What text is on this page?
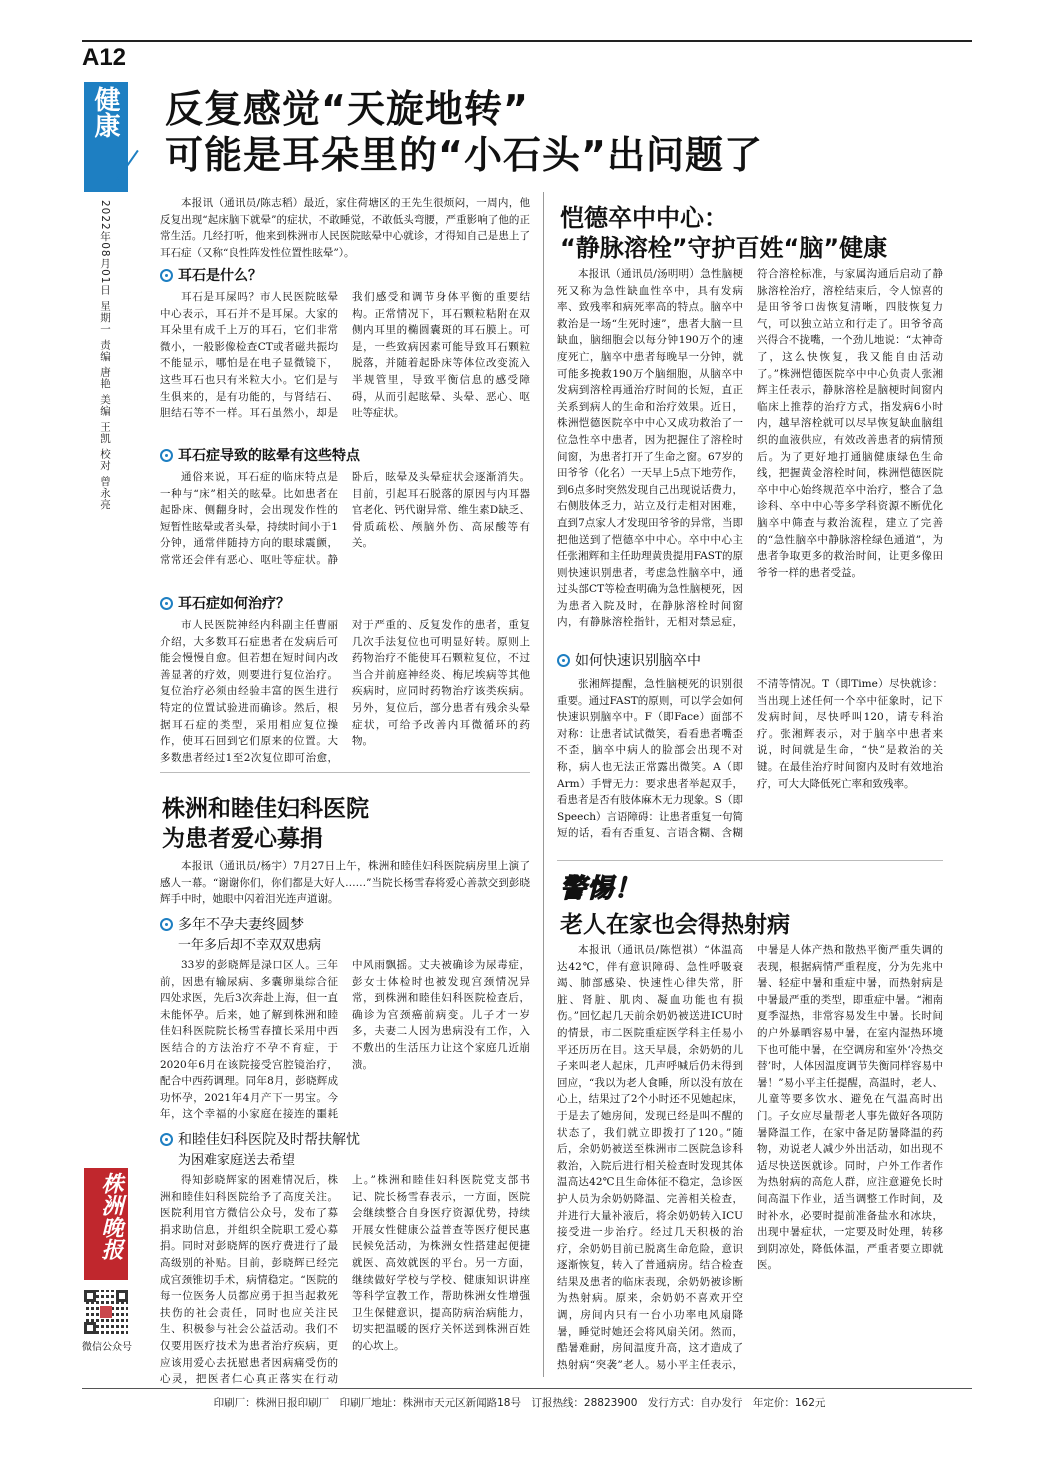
A12
健康
2022年08月01日 星期一 责编 唐艳 美编 王凯 校对 曾永亮
株洲晚报
微信公众号
反复感觉“天旋地转”
可能是耳朵里的“小石头”出问题了

本报讯（通讯员/陈志稻）最近，家住荷塘区的王先生很烦闷，一周内，他反复出现“起床脑下就晕”的症状，不敢睡觉，不敢低头弯腰，严重影响了他的正常生活。几经打听，他来到株洲市人民医院眩晕中心就诊，才得知自己是患上了耳石症（又称“良性阵发性位置性眩晕”）。

耳石是什么？

耳石是耳屎吗？市人民医院眩晕中心表示，耳石并不是耳屎。大家的耳朵里有成千上万的耳石，它们非常微小，一般影像检查CT或者磁共振均不能显示，哪怕是在电子显微镜下，这些耳石也只有米粒大小。它们是与生俱来的，是有功能的，与肾结石、胆结石等不一样。耳石虽然小，却是我们感受和调节身体平衡的重要结构。正常情况下，耳石颗粒粘附在双侧内耳里的椭圆囊斑的耳石膜上。可是，一些致病因素可能导致耳石颗粒脱落，并随着起卧床等体位改变流入半规管里，导致平衡信息的感受障碍，从而引起眩晕、头晕、恶心、呕吐等症状。

耳石症导致的眩晕有这些特点

通俗来说，耳石症的临床特点是一种与“床”相关的眩晕。比如患者在起卧床、侧翻身时，会出现发作性的短暂性眩晕或者头晕，持续时间小于1分钟，通常伴随持方向的眼球震颤，常常还会伴有恶心、呕吐等症状。静卧后，眩晕及头晕症状会逐渐消失。目前，引起耳石脱落的原因与内耳器官老化、钙代谢异常、维生素D缺乏、骨质疏松、颅脑外伤、高尿酸等有关。

耳石症如何治疗？

市人民医院神经内科副主任曹丽介绍，大多数耳石症患者在发病后可能会慢慢自愈。但若想在短时间内改善显著的疗效，则要进行复位治疗。复位治疗必须由经验丰富的医生进行特定的位置试验进而确诊。然后，根据耳石症的类型，采用相应复位操作，使耳石回到它们原来的位置。大多数患者经过1至2次复位即可治愈，对于严重的、反复发作的患者，重复几次手法复位也可明显好转。原则上药物治疗不能使耳石颗粒复位，不过当合并前庭神经炎、梅尼埃病等其他疾病时，应同时药物治疗该类疾病。另外，复位后，部分患者有残余头晕症状，可给予改善内耳微循环的药物。

恺德卒中中心：
“静脉溶栓”守护百姓“脑”健康

本报讯（通讯员/汤明明）急性脑梗死又称为急性缺血性卒中，具有发病率、致残率和病死率高的特点。脑卒中救治是一场“生死时速”，患者大脑一旦缺血，脑细胞会以每分钟190万个的速度死亡，脑卒中患者每晚早一分钟，就可能多挽救190万个脑细胞，从脑卒中发病到溶栓再通治疗时间的长短，直正关系到病人的生命和治疗效果。近日，株洲恺德医院卒中中心又成功救治了一位急性卒中患者，因为把握住了溶栓时间窗，为患者打开了生命之窗。67岁的田爷爷（化名）一天早上5点下地劳作，到6点多时突然发现自己出现说话费力，右侧肢体乏力，站立及行走相对困难，直到7点家人才发现田爷爷的异常，当即把他送到了恺德卒中中心。卒中中心主任张湘辉和主任助理黄贵提用FAST的原则快速识别患者，考虑急性脑卒中，通过头部CT等检查明确为急性脑梗死，因为患者入院及时，在静脉溶栓时间窗内，有静脉溶栓指针，无相对禁忌症，符合溶栓标准，与家属沟通后启动了静脉溶栓治疗，溶栓结束后，令人惊喜的是田爷爷口齿恢复清晰，四肢恢复力气，可以独立站立和行走了。田爷爷高兴得合不拢嘴，一个劲儿地说：“太神奇了，这么快恢复，我又能自由活动了。”株洲恺德医院卒中中心负责人张湘辉主任表示，静脉溶栓是脑梗时间窗内临床上推荐的治疗方式，指发病6小时内，越早溶栓就可以尽早恢复缺血脑组织的血液供应，有效改善患者的病情预后。为了更好地打通脑健康绿色生命线，把握黄金溶栓时间，株洲恺德医院卒中中心始终规范卒中治疗，整合了急诊科、卒中中心等多学科资源不断优化脑卒中筛查与救治流程，建立了完善的“急性脑卒中静脉溶栓绿色通道”，为患者争取更多的救治时间，让更多像田爷爷一样的患者受益。

如何快速识别脑卒中

张湘辉提醒，急性脑梗死的识别很重要。通过FAST的原则，可以学会如何快速识别脑卒中。F（即Face）面部不对称：让患者试试微笑，看看患者嘴歪不歪，脑卒中病人的脸部会出现不对称，病人也无法正常露出微笑。A（即Arm）手臂无力：要求患者举起双手，看患者是否有肢体麻木无力现象。S（即Speech）言语障碍：让患者重复一句简短的话，看有否重复、言语含糊、含糊不清等情况。T（即Time）尽快就诊：当出现上述任何一个卒中征象时，记下发病时间，尽快呼叫120，请专科治疗。张湘辉表示，对于脑卒中患者来说，时间就是生命，“快”是救治的关键。在最佳治疗时间窗内及时有效地治疗，可大大降低死亡率和致残率。

株洲和睦佳妇科医院
为患者爱心募捐

本报讯（通讯员/杨宇）7月27日上午，株洲和睦佳妇科医院病房里上演了感人一幕。“谢谢你们，你们都是大好人……”当院长杨雪春将爱心善款交到彭晓辉手中时，她眼中闪着泪光连声道谢。

多年不孕夫妻终圆梦
一年多后却不幸双双患病

33岁的彭晓辉是渌口区人。三年前，因患有输尿病、多囊卵巢综合征四处求医，先后3次奔赴上海，但一直未能怀孕。后来，她了解到株洲和睦佳妇科医院院长杨雪春擅长采用中西医结合的方法治疗不孕不育症，于2020年6月在该院接受宫腔镜治疗，配合中西药调理。同年8月，彭晓辉成功怀孕，2021年4月产下一男宝。今年，这个幸福的小家庭在接连的噩耗中风雨飘摇。丈夫被确诊为尿毒症，彭女士体检时也被发现宫颈情况异常，到株洲和睦佳妇科医院检查后，确诊为宫颈癌前病变。儿子才一岁多，夫妻二人因为患病没有工作，入不敷出的生活压力让这个家庭几近崩溃。

和睦佳妇科医院及时帮扶解忧
为困难家庭送去希望

得知彭晓辉家的困难情况后，株洲和睦佳妇科医院给予了高度关注。医院利用官方微信公众号，发布了募捐求助信息，并组织全院职工爱心募捐。同时对彭晓辉的医疗费进行了最高级别的补贴。目前，彭晓辉已经完成宫颈锥切手术，病情稳定。“医院的每一位医务人员都应勇于担当起救死扶伤的社会责任，同时也应关注民生、积极参与社会公益活动。我们不仅要用医疗技术为患者治疗疾病，更应该用爱心去抚慰患者因病痛受伤的心灵，把医者仁心真正落实在行动上。”株洲和睦佳妇科医院党支部书记、院长杨雪春表示，一方面，医院会继续整合自身医疗资源优势，持续开展女性健康公益普查等医疗便民惠民候免活动，为株洲女性搭建起便捷就医、高效就医的平台。另一方面，继续做好学校与学校、健康知识讲座等科学宣教工作，帮助株洲女性增强卫生保健意识，提高防病治病能力，切实把温暖的医疗关怀送到株洲百姓的心坎上。

警惕！
老人在家也会得热射病

本报讯（通讯员/陈恺祺）“体温高达42℃，伴有意识障碍、急性呼吸衰竭、肺部感染、快速性心律失常，肝脏、肾脏、肌肉、凝血功能也有损伤。”回忆起几天前余奶奶被送进ICU时的情景，市二医院重症医学科主任易小平还历历在目。这天早晨，余奶奶的儿子来叫老人起床，几声呼喊后仍未得到回应，“我以为老人食睡，所以没有放在心上，结果过了2个小时还不见她起床，于是去了她房间，发现已经是叫不醒的状态了，我们就立即拨打了120。”随后，余奶奶被送至株洲市二医院急诊科救治，入院后进行相关检查时发现其体温高达42℃且生命体征不稳定，急诊医护人员为余奶奶降温、完善相关检查，并进行大量补液后，将余奶奶转入ICU接受进一步治疗。经过几天积极的治疗，余奶奶目前已脱离生命危险，意识逐渐恢复，转入了普通病房。结合检查结果及患者的临床表现，余奶奶被诊断为热射病。原来，余奶奶不喜欢开空调，房间内只有一台小功率电风扇降暑，睡觉时她还会将风扇关闭。然而，酷暑难耐，房间温度升高，这才造成了热射病“突袭”老人。易小平主任表示，中暑是人体产热和散热平衡严重失调的表现，根据病情严重程度，分为先兆中暑、轻症中暑和重症中暑，而热射病是中暑最严重的类型，即重症中暑。“湘南夏季湿热，非常容易发生中暑。长时间的户外暴晒容易中暑，在室内湿热环境下也可能中暑，在空调房和室外‘冷热交替’时，人体因温度调节失衡同样容易中暑！”易小平主任提醒，高温时，老人、儿童等要多饮水、避免在气温高时出门。子女应尽量帮老人事先做好各项防暑降温工作，在家中备足防暑降温的药物，劝说老人减少外出活动，如出现不适尽快送医就诊。同时，户外工作者作为热射病的高危人群，应注意避免长时间高温下作业，适当调整工作时间，及时补水，必要时提前准备盐水和冰块，出现中暑症状，一定要及时处理，转移到阴凉处，降低体温，严重者要立即就医。

印刷厂：株洲日报印刷厂　印刷厂地址：株洲市天元区新闻路18号　订报热线：28823900　发行方式：自办发行　年定价：162元
